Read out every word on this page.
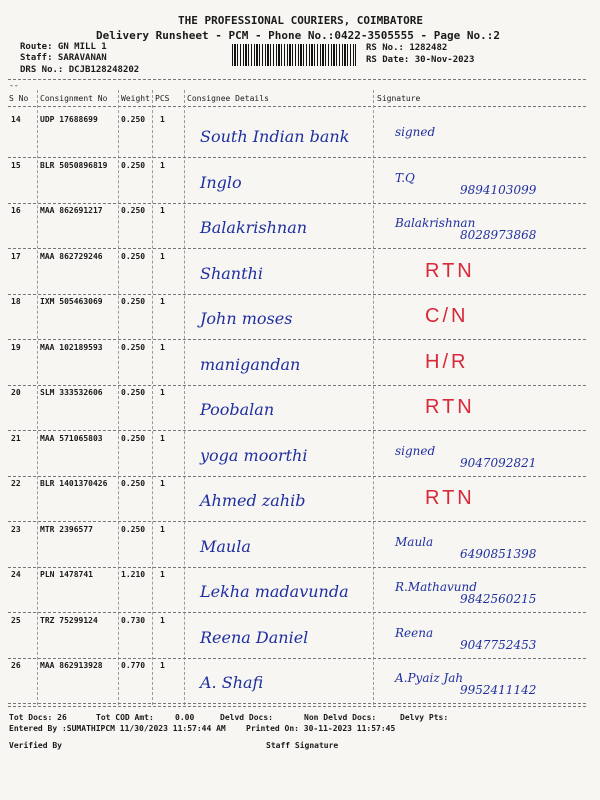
THE PROFESSIONAL COURIERS, COIMBATORE
Delivery Runsheet - PCM - Phone No.:0422-3505555 - Page No.:2
Route: GN MILL 1
Staff: SARAVANAN
DRS No.: DCJB128248202
RS No.: 1282482
RS Date: 30-Nov-2023
--
S No Consignment No Weight PCS Consignee Details	Signature
14 UDP 17688699	0.250 1
South Indian bank	signed
15 BLR 5050896819 0.250 1
Inglo	T.Q
9894103099
16 MAA 862691217 0.250 1
Balakrishnan	Balakrishnan
8028973868
17 MAA 862729246 0.250 1
Shanthi	RTN
18 IXM 505463069 0.250 1
John moses	C/N
19 MAA 102189593 0.250 1
manigandan	H/R
20 SLM 333532606 0.250 1
Poobalan	RTN
21 MAA 571065803 0.250 1
yoga moorthi	signed
9047092821
22 BLR 1401370426 0.250 1
Ahmed zahib	RTN
23 MTR 2396577	0.250 1
Maula	Maula
6490851398
24 PLN 1478741	1.210 1
Lekha madavunda	R.Mathavund
9842560215
25 TRZ 75299124	0.730 1
Reena Daniel	Reena
9047752453
26 MAA 862913928 0.770 1
A. Shafi	A.Pyaiz Jah
9952411142
Tot Docs: 26	Tot COD Amt:	0.00	Delvd Docs:	Non Delvd Docs:	Delvy Pts:
Entered By :SUMATHIPCM 11/30/2023 11:57:44 AM	Printed On: 30-11-2023 11:57:45
Verified By	Staff Signature
